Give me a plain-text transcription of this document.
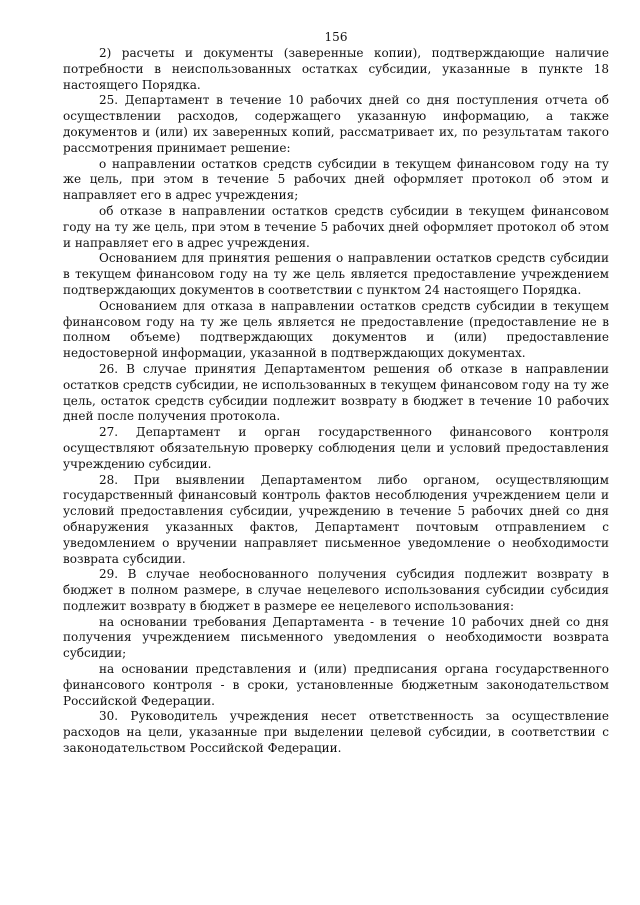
156

2) расчеты и документы (заверенные копии), подтверждающие наличие потребности в неиспользованных остатках субсидии, указанные в пункте 18 настоящего Порядка.

25. Департамент в течение 10 рабочих дней со дня поступления отчета об осуществлении расходов, содержащего указанную информацию, а также документов и (или) их заверенных копий, рассматривает их, по результатам такого рассмотрения принимает решение:

о направлении остатков средств субсидии в текущем финансовом году на ту же цель, при этом в течение 5 рабочих дней оформляет протокол об этом и направляет его в адрес учреждения;

об отказе в направлении остатков средств субсидии в текущем финансовом году на ту же цель, при этом в течение 5 рабочих дней оформляет протокол об этом и направляет его в адрес учреждения.

Основанием для принятия решения о направлении остатков средств субсидии в текущем финансовом году на ту же цель является предоставление учреждением подтверждающих документов в соответствии с пунктом 24 настоящего Порядка.

Основанием для отказа в направлении остатков средств субсидии в текущем финансовом году на ту же цель является не предоставление (предоставление не в полном объеме) подтверждающих документов и (или) предоставление недостоверной информации, указанной в подтверждающих документах.

26. В случае принятия Департаментом решения об отказе в направлении остатков средств субсидии, не использованных в текущем финансовом году на ту же цель, остаток средств субсидии подлежит возврату в бюджет в течение 10 рабочих дней после получения протокола.

27. Департамент и орган государственного финансового контроля осуществляют обязательную проверку соблюдения цели и условий предоставления учреждению субсидии.

28. При выявлении Департаментом либо органом, осуществляющим государственный финансовый контроль фактов несоблюдения учреждением цели и условий предоставления субсидии, учреждению в течение 5 рабочих дней со дня обнаружения указанных фактов, Департамент почтовым отправлением с уведомлением о вручении направляет письменное уведомление о необходимости возврата субсидии.

29. В случае необоснованного получения субсидия подлежит возврату в бюджет в полном размере, в случае нецелевого использования субсидии субсидия подлежит возврату в бюджет в размере ее нецелевого использования:

на основании требования Департамента - в течение 10 рабочих дней со дня получения учреждением письменного уведомления о необходимости возврата субсидии;

на основании представления и (или) предписания органа государственного финансового контроля - в сроки, установленные бюджетным законодательством Российской Федерации.

30. Руководитель учреждения несет ответственность за осуществление расходов на цели, указанные при выделении целевой субсидии, в соответствии с законодательством Российской Федерации.
